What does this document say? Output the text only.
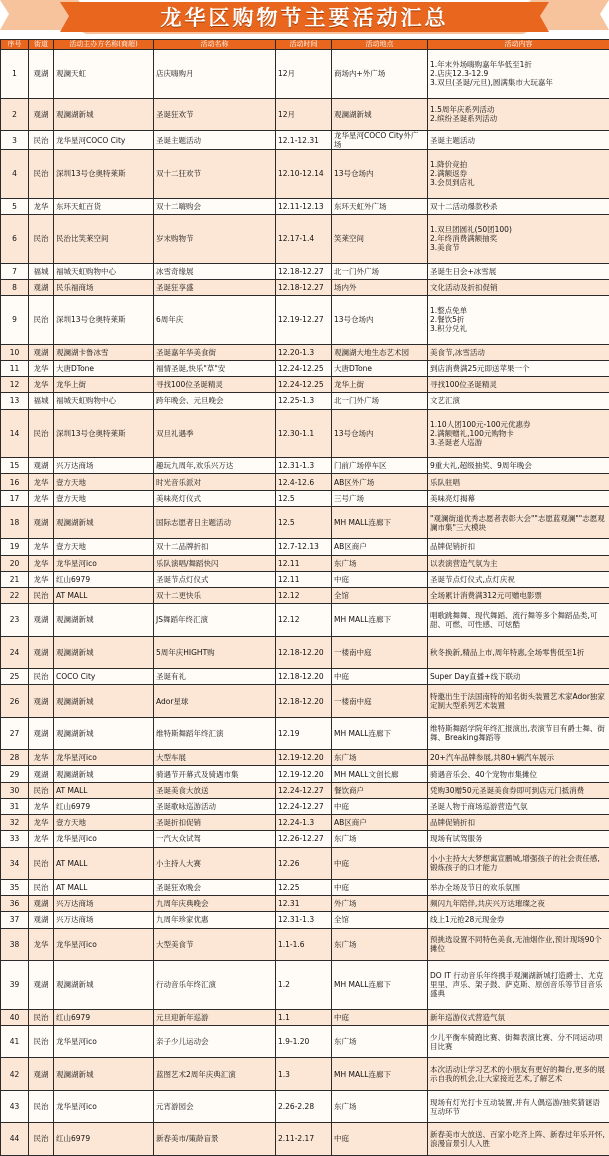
龙华区购物节主要活动汇总
序号	街道	活动主办方名称(商超)	活动名称	活动时间	活动地点	活动内容
1	观湖	观澜天虹	店庆嗨购月	12月	商场内+外广场	1.年末外场嗨购嘉年华低至1折
2.店庆12.3-12.9
3.双旦(圣诞/元旦),圆满集市大玩嘉年
2	观湖	观澜湖新城	圣诞狂欢节	12月	观澜湖新城	1.5周年庆系列活动
2.缤纷圣诞系列活动
3	民治	龙华星河COCO City	圣诞主题活动	12.1-12.31	龙华星河COCO City外广场	圣诞主题活动
4	民治	深圳13号仓奥特莱斯	双十二狂欢节	12.10-12.14	13号仓场内	1.降价竞拍
2.满额返券
3.会员到店礼
5	龙华	东环天虹百货	双十二嗨购会	12.11-12.13	东环天虹外广场	双十二活动爆款秒杀
6	民治	民治比笑莱空间	岁末购物节	12.17-1.4	笑莱空间	1.双旦团圆礼(50团100)
2.年终消费满额抽奖
3.美食节
7	福城	福城天虹购物中心	冰雪奇缘展	12.18-12.27	北一门外广场	圣诞生日会+冰雪展
8	观湖	民乐福商场	圣诞狂享盛	12.18-12.27	场内外	文化活动及折扣促销
9	民治	深圳13号仓奥特莱斯	6周年庆	12.19-12.27	13号仓场内	1.整点免单
2.餐饮5折
3.积分兑礼
10	观湖	观澜湖卡鲁冰雪	圣诞嘉年华美食街	12.20-1.3	观澜湖大地生态艺术园	美食节,冰雪活动
11	龙华	大唐DTone	福情圣诞,快乐"草"安	12.24-12.25	大唐DTone	到店消费满25元即送苹果一个
12	龙华	龙华上街	寻找100位圣诞精灵	12.24-12.25	龙华上街	寻找100位圣诞精灵
13	福城	福城天虹购物中心	跨年晚会、元旦晚会	12.25-1.3	北一门外广场	文艺汇演
14	民治	深圳13号仓奥特莱斯	双旦礼遇季	12.30-1.1	13号仓场内	1.10人团100元-100元优惠券
2.满额赠礼,100元购物卡
3.圣诞老人巡游
15	观湖	兴万达商场	趣玩九周年,欢乐兴万达	12.31-1.3	门前广场停车区	9重大礼,超级抽奖、9周年晚会
16	龙华	壹方天地	时光音乐派对	12.4-12.6	AB区外广场	乐队驻唱
17	龙华	壹方天地	美味亮灯仪式	12.5	三号广场	美味亮灯揭幕
18	观湖	观澜湖新城	国际志愿者日主题活动	12.5	MH MALL连廊下	"观澜街道优秀志愿者表彰大会""志愿蓝观澜""志愿观澜市集"三大模块
19	龙华	壹方天地	双十二品牌折扣	12.7-12.13	AB区商户	品牌促销折扣
20	龙华	龙华星河ico	乐队演唱/舞蹈快闪	12.11	东广场	以表演营造气氛为主
21	龙华	红山6979	圣诞节点灯仪式	12.11	中庭	圣诞节点灯仪式,点灯庆祝
22	民治	AT MALL	双十二更快乐	12.12	全馆	全场累计消费满312元可赠电影票
23	观湖	观澜湖新城	JS舞蹈年终汇演	12.12	MH MALL连廊下	唱歌跳舞舞、现代舞蹈、流行舞等多个舞蹈品类,可甜、可燃、可性感、可炫酷
24	观湖	观澜湖新城	5周年庆HIGHT购	12.18-12.20	一楼南中庭	秋冬换新,精品上市,周年特惠,全场零售低至1折
25	民治	COCO City	圣诞有礼	12.18-12.20	中庭	Super Day直播+线下联动
26	观湖	观澜湖新城	Ador星球	12.18-12.20	一楼南中庭	特邀出生于法国南特的知名街头装置艺术家Ador独家定制大型系列艺术装置
27	观湖	观澜湖新城	维特斯舞蹈年终汇演	12.19	MH MALL连廊下	维特斯舞蹈学院年终汇报演出,表演节目有爵士舞、街舞、Breaking舞蹈等
28	龙华	龙华星河ico	大型车展	12.19-12.20	东广场	20+汽车品牌参展,共80+辆汽车展示
29	观湖	观澜湖新城	骑遇节开幕式及骑遇市集	12.19-12.20	MH MALL文创长廊	骑遇音乐会、40个宠物市集摊位
30	民治	AT MALL	圣诞美食大放送	12.24-12.27	餐饮商户	凭购30赠50元圣诞美食券即可到店元门抵消费
31	龙华	红山6979	圣诞歌咏巡游活动	12.24-12.27	中庭	圣诞人物于商场巡游营造气氛
32	龙华	壹方天地	圣诞折扣促销	12.24-1.3	AB区商户	品牌促销折扣
33	龙华	龙华星河ico	一汽大众试驾	12.26-12.27	东广场	现场有试驾服务
34	民治	AT MALL	小主持人大赛	12.26	中庭	小小主持大大梦想寓宣鹏城,增强孩子的社会责任感,锻炼孩子的口才能力
35	民治	AT MALL	圣诞狂欢晚会	12.25	中庭	举办全场及节日的欢乐氛围
36	观湖	兴万达商场	九周年庆典晚会	12.31	外广场	频闪九年陪伴,共庆兴万达璀璨之夜
37	观湖	兴万达商场	九周年珍家优惠	12.31-1.3	全馆	线上1元抢28元现金券
38	龙华	龙华星河ico	大型美食节	1.1-1.6	东广场	预挑选设置不同特色美食,无油烟作业,预计现场90个摊位
39	观湖	观澜湖新城	行动音乐年终汇演	1.2	MH MALL连廊下	DO IT 行动音乐年终携手观澜湖新城打造爵士、尤克里里、声乐、架子鼓、萨克斯、原创音乐等节目音乐盛典
40	民治	红山6979	元旦迎新年巡游	1.1	中庭	新年巡游仪式营造气氛
41	民治	龙华星河ico	亲子少儿运动会	1.9-1.20	东广场	少儿平衡车骑跑比赛、街舞表演比赛、分不同运动项目比赛
42	观湖	观澜湖新城	蓝图艺术2周年庆典汇演	1.3	MH MALL连廊下	本次活动让学习艺术的小朋友有更好的舞台,更多的展示自我的机会,让大家接近艺术,了解艺术
43	民治	龙华星河ico	元宵游园会	2.26-2.28	东广场	现场有灯光打卡互动装置,并有人偶巡游/抽奖猜谜语互动环节
44	民治	红山6979	新春美市/策龄盲景	2.11-2.17	中庭	新春美市大放送、百家小吃齐上阵、新春过年乐开怀,浪漫盲景引人入胜
